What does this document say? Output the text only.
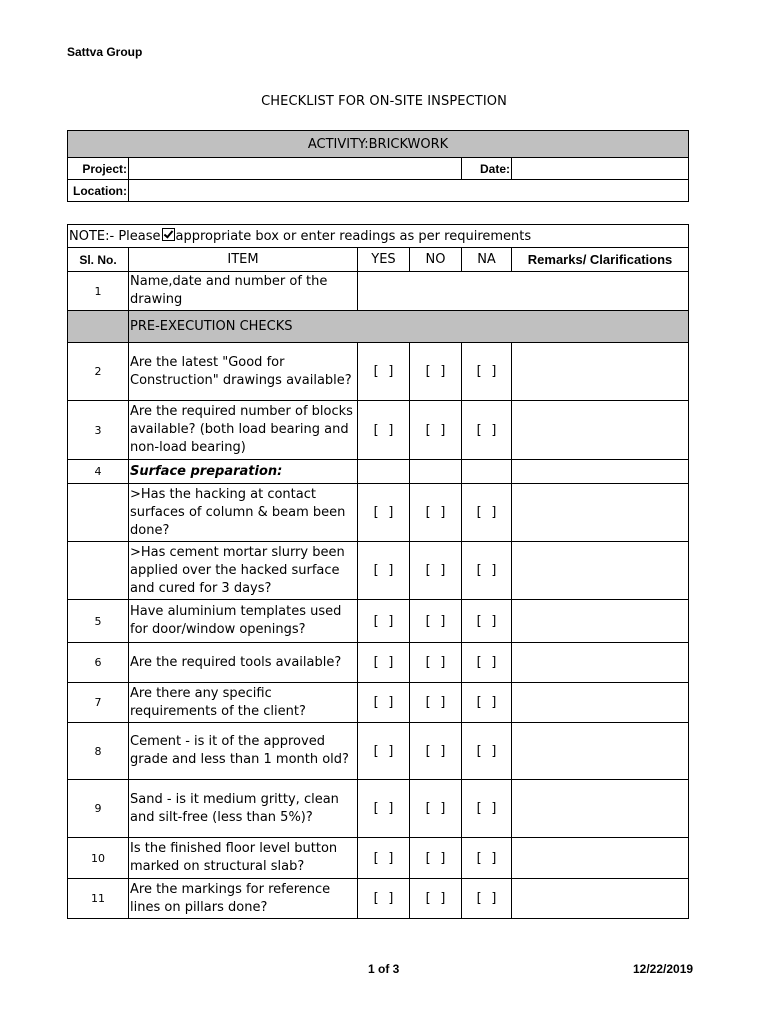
Sattva Group
CHECKLIST FOR ON-SITE INSPECTION
ACTIVITY:BRICKWORK			
Project:		Date:	
Location:			
NOTE:- Please appropriate box or enter readings as per requirements					
Sl. No.	ITEM	YES	NO	NA	Remarks/ Clarifications
1	Name,date and number of the drawing				
	PRE-EXECUTION CHECKS				
2	Are the latest "Good for Construction" drawings available?	[ ]	[ ]	[ ]	
3	Are the required number of blocks available? (both load bearing and non-load bearing)	[ ]	[ ]	[ ]	
4	Surface preparation:				
	>Has the hacking at contact surfaces of column & beam been done?	[ ]	[ ]	[ ]	
	>Has cement mortar slurry been applied over the hacked surface and cured for 3 days?	[ ]	[ ]	[ ]	
5	Have aluminium templates used for door/window openings?	[ ]	[ ]	[ ]	
6	Are the required tools available?	[ ]	[ ]	[ ]	
7	Are there any specific requirements of the client?	[ ]	[ ]	[ ]	
8	Cement - is it of the approved grade and less than 1 month old?	[ ]	[ ]	[ ]	
9	Sand - is it medium gritty, clean and silt-free (less than 5%)?	[ ]	[ ]	[ ]	
10	Is the finished floor level button marked on structural slab?	[ ]	[ ]	[ ]	
11	Are the markings for reference lines on pillars done?	[ ]	[ ]	[ ]	
1 of 3	12/22/2019
